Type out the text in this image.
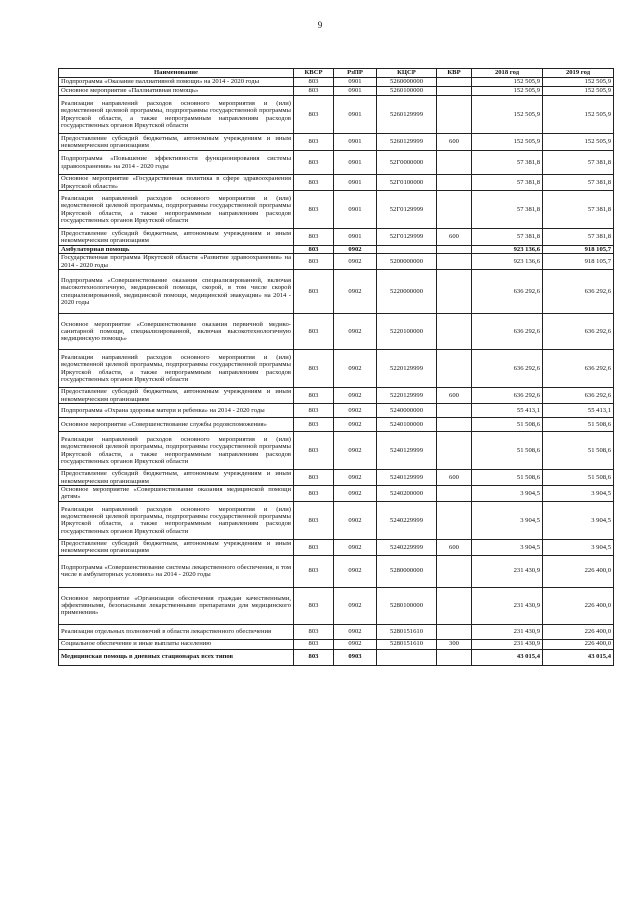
9
Наименование	КВСР	РзПР	КЦСР	КВР	2018 год	2019 год
Подпрограмма «Оказание паллиативной помощи» на 2014 - 2020 годы	803	0901	5260000000		152 505,9	152 505,9
Основное мероприятие «Паллиативная помощь»	803	0901	5260100000		152 505,9	152 505,9
Реализация направлений расходов основного мероприятия и (или) ведомственной целевой программы, подпрограммы государственной программы Иркутской области, а также непрограммным направлениям расходов государственных органов Иркутской области	803	0901	5260129999		152 505,9	152 505,9
Предоставление субсидий бюджетным, автономным учреждениям и иным некоммерческим организациям	803	0901	5260129999	600	152 505,9	152 505,9
Подпрограмма «Повышение эффективности функционирования системы здравоохранения» на 2014 - 2020 годы	803	0901	52Г0000000		57 381,8	57 381,8
Основное мероприятие «Государственная политика в сфере здравоохранения Иркутской области»	803	0901	52Г0100000		57 381,8	57 381,8
Реализация направлений расходов основного мероприятия и (или) ведомственной целевой программы, подпрограммы государственной программы Иркутской области, а также непрограммным направлениям расходов государственных органов Иркутской области	803	0901	52Г0129999		57 381,8	57 381,8
Предоставление субсидий бюджетным, автономным учреждениям и иным некоммерческим организациям	803	0901	52Г0129999	600	57 381,8	57 381,8
Амбулаторная помощь	803	0902			923 136,6	918 105,7
Государственная программа Иркутской области «Развитие здравоохранения» на 2014 - 2020 годы	803	0902	5200000000		923 136,6	918 105,7
Подпрограмма «Совершенствование оказания специализированной, включая высокотехнологичную, медицинской помощи, скорой, в том числе скорой специализированной, медицинской помощи, медицинской эвакуации» на 2014 - 2020 годы	803	0902	5220000000		636 292,6	636 292,6
Основное мероприятие «Совершенствование оказания первичной медико-санитарной помощи, специализированной, включая высокотехнологичную медицинскую помощь»	803	0902	5220100000		636 292,6	636 292,6
Реализация направлений расходов основного мероприятия и (или) ведомственной целевой программы, подпрограммы государственной программы Иркутской области, а также непрограммным направлениям расходов государственных органов Иркутской области	803	0902	5220129999		636 292,6	636 292,6
Предоставление субсидий бюджетным, автономным учреждениям и иным некоммерческим организациям	803	0902	5220129999	600	636 292,6	636 292,6
Подпрограмма «Охрана здоровья матери и ребенка» на 2014 - 2020 годы	803	0902	5240000000		55 413,1	55 413,1
Основное мероприятие «Совершенствование службы родовспоможения»	803	0902	5240100000		51 508,6	51 508,6
Реализация направлений расходов основного мероприятия и (или) ведомственной целевой программы, подпрограммы государственной программы Иркутской области, а также непрограммным направлениям расходов государственных органов Иркутской области	803	0902	5240129999		51 508,6	51 508,6
Предоставление субсидий бюджетным, автономным учреждениям и иным некоммерческим организациям	803	0902	5240129999	600	51 508,6	51 508,6
Основное мероприятие «Совершенствование оказания медицинской помощи детям»	803	0902	5240200000		3 904,5	3 904,5
Реализация направлений расходов основного мероприятия и (или) ведомственной целевой программы, подпрограммы государственной программы Иркутской области, а также непрограммным направлениям расходов государственных органов Иркутской области	803	0902	5240229999		3 904,5	3 904,5
Предоставление субсидий бюджетным, автономным учреждениям и иным некоммерческим организациям	803	0902	5240229999	600	3 904,5	3 904,5
Подпрограмма «Совершенствование системы лекарственного обеспечения, в том числе в амбулаторных условиях» на 2014 - 2020 годы	803	0902	5280000000		231 430,9	226 400,0
Основное мероприятие «Организация обеспечения граждан качественными, эффективными, безопасными лекарственными препаратами для медицинского применения»	803	0902	5280100000		231 430,9	226 400,0
Реализация отдельных полномочий в области лекарственного обеспечения	803	0902	5280151610		231 430,9	226 400,0
Социальное обеспечение и иные выплаты населению	803	0902	5280151610	300	231 430,9	226 400,0
Медицинская помощь в дневных стационарах всех типов	803	0903			43 015,4	43 015,4
